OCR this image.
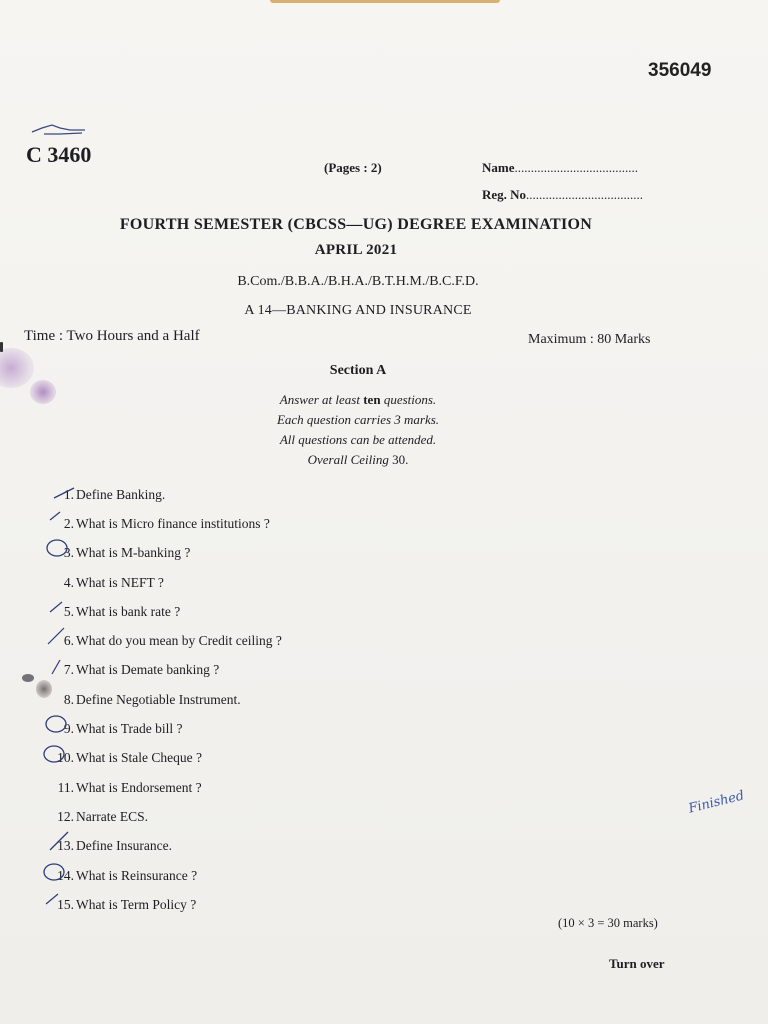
356049
C 3460
(Pages : 2)	Name......................................
Reg. No....................................
FOURTH SEMESTER (CBCSS—UG) DEGREE EXAMINATION
APRIL 2021
B.Com./B.B.A./B.H.A./B.T.H.M./B.C.F.D.
A 14—BANKING AND INSURANCE
Time : Two Hours and a Half	Maximum : 80 Marks
Section A
Answer at least ten questions.
Each question carries 3 marks.
All questions can be attended.
Overall Ceiling 30.
1. Define Banking.
2. What is Micro finance institutions ?
3. What is M-banking ?
4. What is NEFT ?
5. What is bank rate ?
6. What do you mean by Credit ceiling ?
7. What is Demate banking ?
8. Define Negotiable Instrument.
9. What is Trade bill ?
10. What is Stale Cheque ?
11. What is Endorsement ?
12. Narrate ECS.
13. Define Insurance.
14. What is Reinsurance ?
15. What is Term Policy ?
(10 × 3 = 30 marks)
Turn over
Finished
